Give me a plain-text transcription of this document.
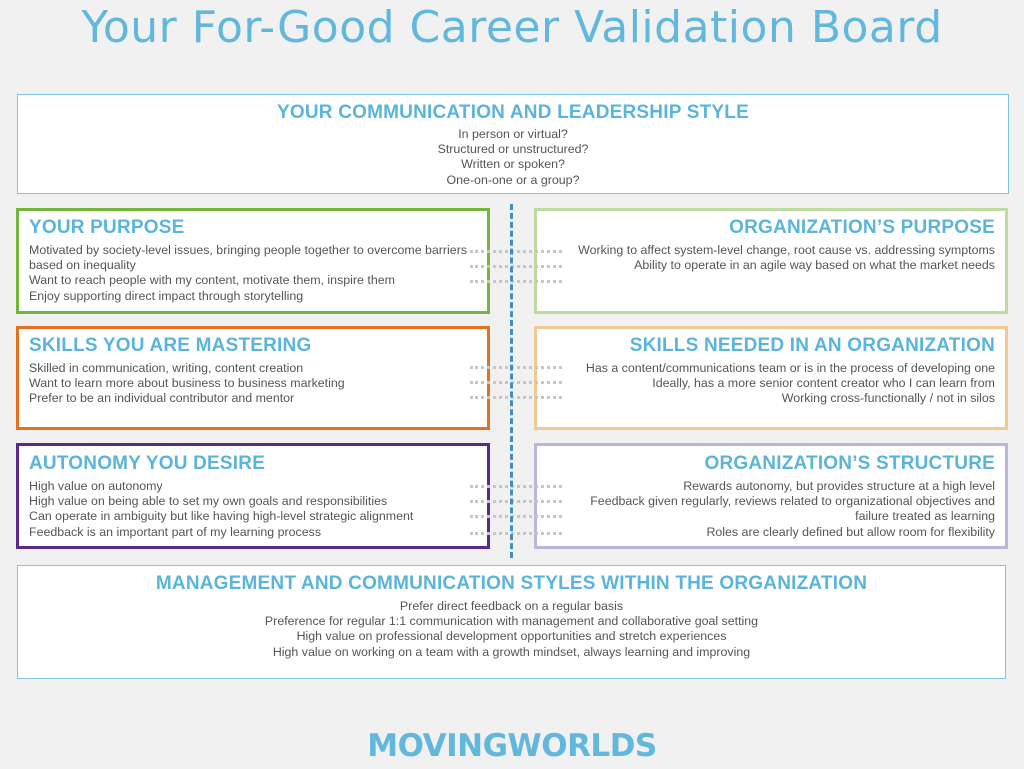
Your For-Good Career Validation Board
YOUR COMMUNICATION AND LEADERSHIP STYLE
In person or virtual?
Structured or unstructured?
Written or spoken?
One-on-one or a group?
YOUR PURPOSE
Motivated by society-level issues, bringing people together to overcome barriers based on inequality
Want to reach people with my content, motivate them, inspire them
Enjoy supporting direct impact through storytelling
SKILLS YOU ARE MASTERING
Skilled in communication, writing, content creation
Want to learn more about business to business marketing
Prefer to be an individual contributor and mentor
AUTONOMY YOU DESIRE
High value on autonomy
High value on being able to set my own goals and responsibilities
Can operate in ambiguity but like having high-level strategic alignment
Feedback is an important part of my learning process
ORGANIZATION’S PURPOSE
Working to affect system-level change, root cause vs. addressing symptoms
Ability to operate in an agile way based on what the market needs
SKILLS NEEDED IN AN ORGANIZATION
Has a content/communications team or is in the process of developing one
Ideally, has a more senior content creator who I can learn from
Working cross-functionally / not in silos
ORGANIZATION’S STRUCTURE
Rewards autonomy, but provides structure at a high level
Feedback given regularly, reviews related to organizational objectives and
failure treated as learning
Roles are clearly defined but allow room for flexibility
MANAGEMENT AND COMMUNICATION STYLES WITHIN THE ORGANIZATION
Prefer direct feedback on a regular basis
Preference for regular 1:1 communication with management and collaborative goal setting
High value on professional development opportunities and stretch experiences
High value on working on a team with a growth mindset, always learning and improving
MOVINGWORLDS
